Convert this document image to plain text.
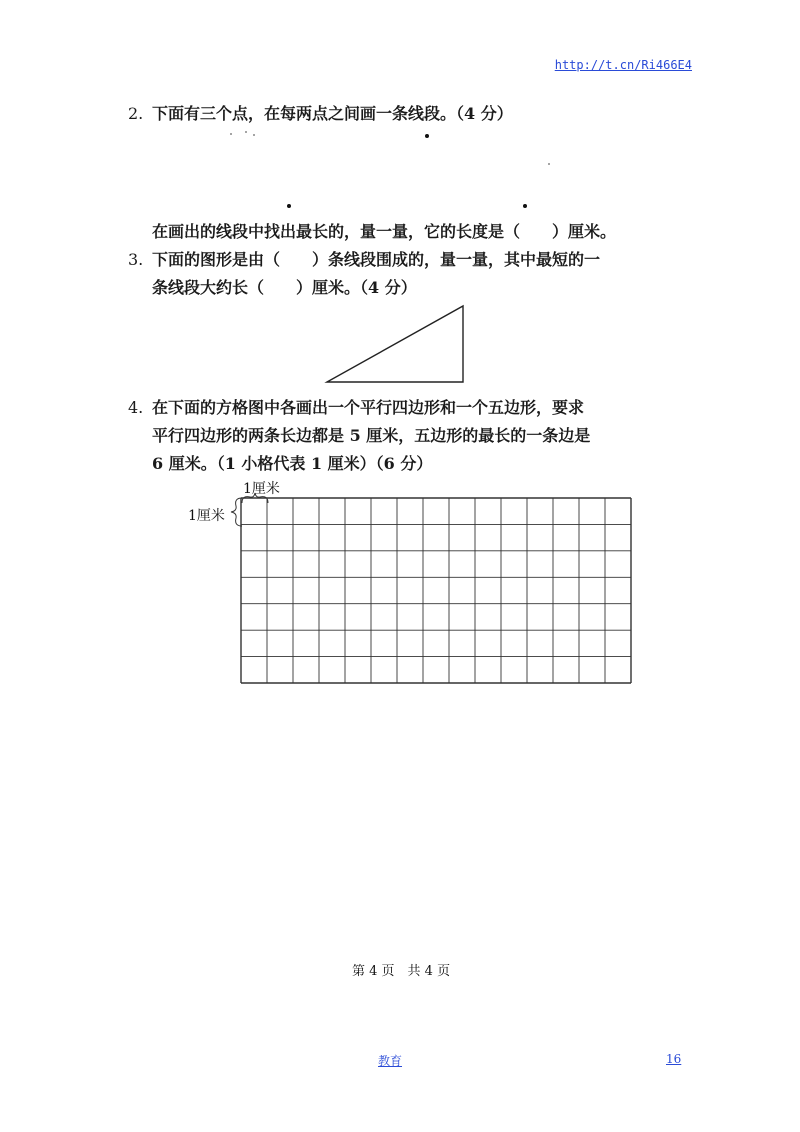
http://t.cn/Ri466E4
2. 下面有三个点，在每两点之间画一条线段。（4 分）
在画出的线段中找出最长的，量一量，它的长度是（　　）厘米。
3. 下面的图形是由（　　）条线段围成的，量一量，其中最短的一
条线段大约长（　　）厘米。（4 分）
4. 在下面的方格图中各画出一个平行四边形和一个五边形，要求
平行四边形的两条长边都是 5 厘米，五边形的最长的一条边是
6 厘米。（1 小格代表 1 厘米）（6 分）
1厘米
1厘米
第 4 页　共 4 页
教育	16
